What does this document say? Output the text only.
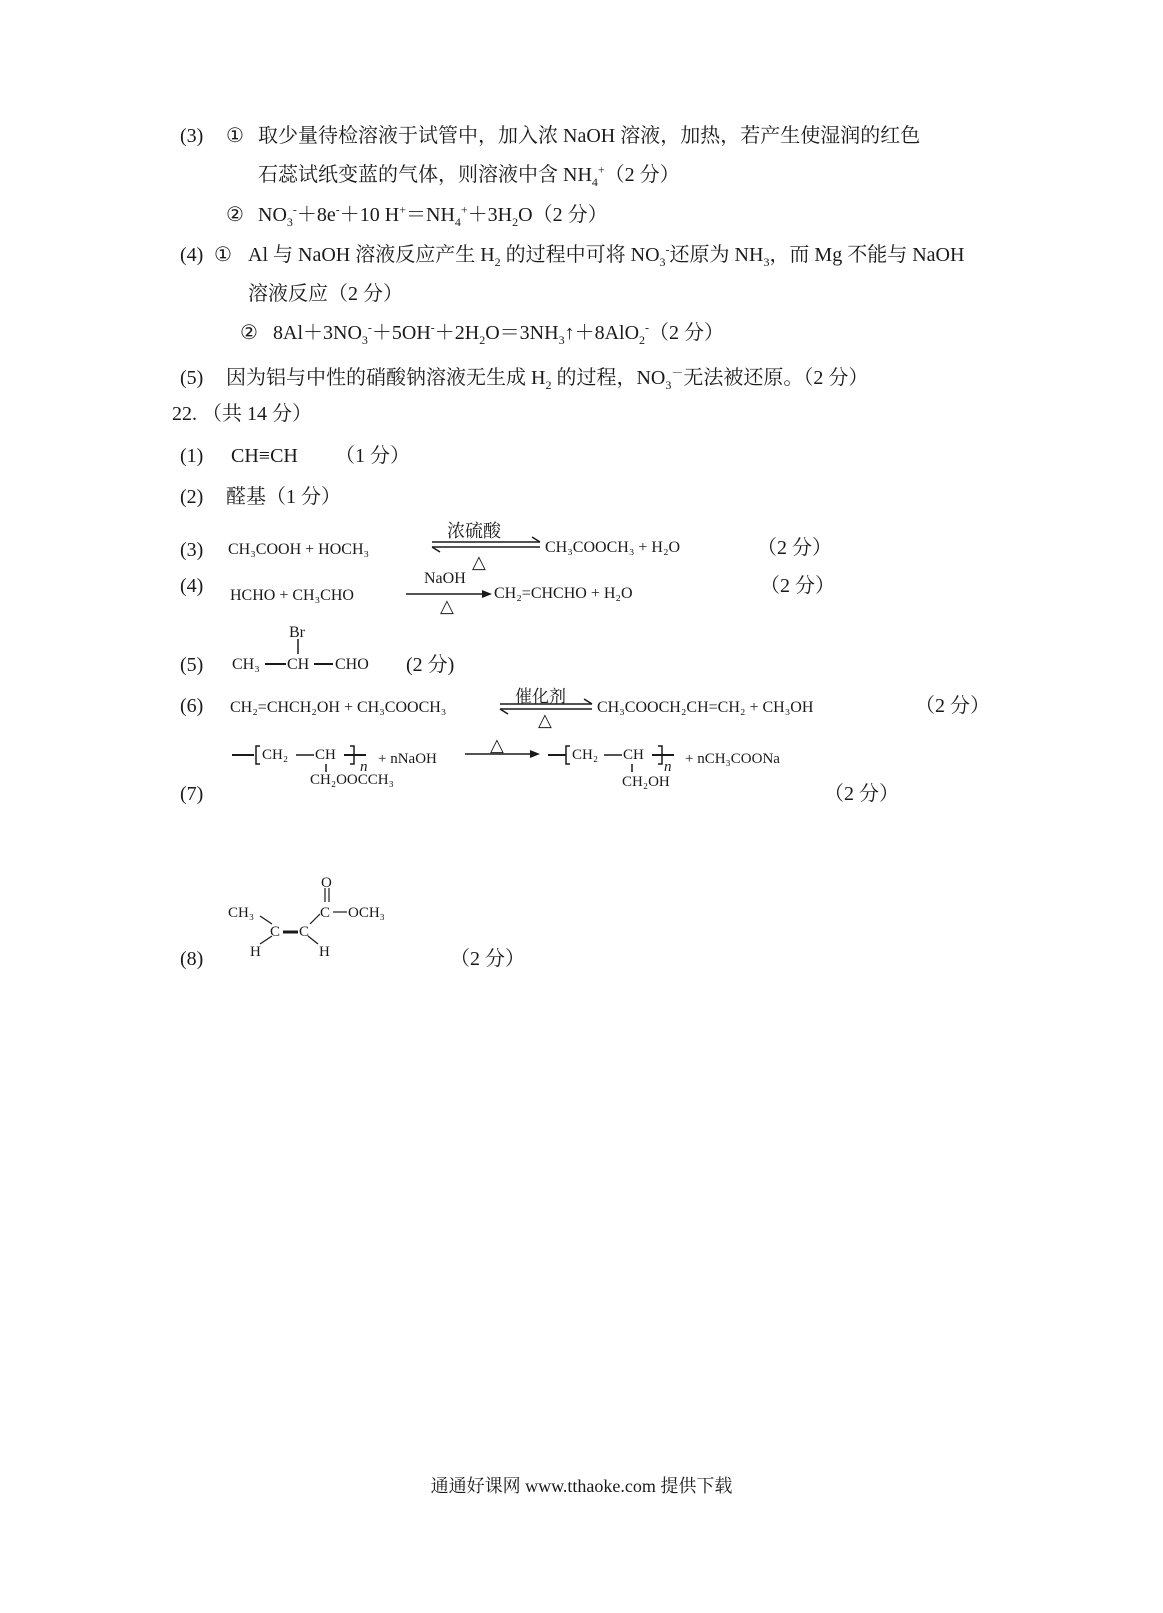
(3) ① 取少量待检溶液于试管中，加入浓 NaOH 溶液，加热，若产生使湿润的红色
石蕊试纸变蓝的气体，则溶液中含 $NH_4^+(2$ 分）
② $NO_3^-+8e^-+10$ $H^+=NH_4^++3H_2O(2$ 分）
(4) ① Al 与 NaOH 溶液反应产生 $H_2$ 的过程中可将 $NO_3^-$还原为 $NH_3$，而 Mg 不能与 NaOH
溶液反应（2 分）
② $8Al+3NO_3^-+5OH^-+2H_2O=3NH_3↑+8AlO_2^-(2$ 分）
(5) 因为铝与中性的硝酸钠溶液无生成 $H_2$ 的过程，$NO_3^-$无法被还原。（2 分）
22. （共 14 分）
(1) CH≡CH （1 分）
(2) 醛基（1 分）
(3) CH₃COOH + HOCH₃
浓硫酸
△
CH₃COOCH₃ + H₂O	（2 分）
(4) HCHO + CH₃CHO
NaOH
△
CH₂=CHCHO + H₂O	（2 分）
(5)
Br
CH₃ CH CHO (2 分)
(6) CH₂=CHCH₂OH + CH₃COOCH₃
催化剂
△
CH₃COOCH₂CH=CH₂ + CH₃OH	（2 分）
(7)
CH₂ CH
n
CH₂OOCCH₃
+ nNaOH
△	CH₂ CH
n
CH₂OH
+ nCH₃COONa
（2 分）
(8)
O
CH₃	C OCH₃
C C
H	H	（2 分）
通通好课网 www.tthaoke.com 提供下载
